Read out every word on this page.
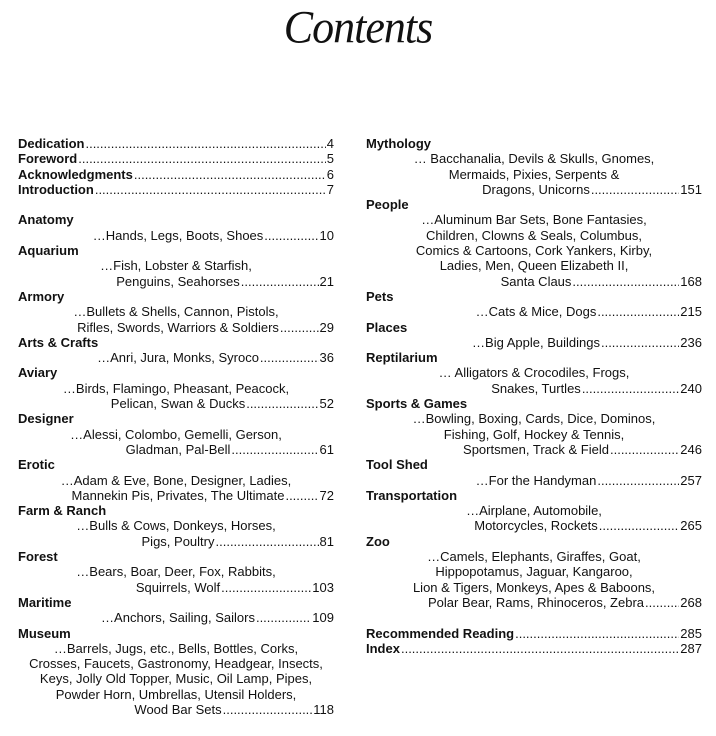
Contents
Dedication .....	4
Foreword .....	5
Acknowledgments .....	6
Introduction .....	7
Anatomy
…Hands, Legs, Boots, Shoes .....	10
Aquarium
…Fish, Lobster & Starfish,
Penguins, Seahorses .....	21
Armory
…Bullets & Shells, Cannon, Pistols,
Rifles, Swords, Warriors & Soldiers .....	29
Arts & Crafts
…Anri, Jura, Monks, Syroco .....	36
Aviary
…Birds, Flamingo, Pheasant, Peacock,
Pelican, Swan & Ducks .....	52
Designer
…Alessi, Colombo, Gemelli, Gerson,
Gladman, Pal-Bell .....	61
Erotic
…Adam & Eve, Bone, Designer, Ladies,
Mannekin Pis, Privates, The Ultimate .....	72
Farm & Ranch
…Bulls & Cows, Donkeys, Horses,
Pigs, Poultry .....	81
Forest
…Bears, Boar, Deer, Fox, Rabbits,
Squirrels, Wolf .....	103
Maritime
…Anchors, Sailing, Sailors .....	109
Museum
…Barrels, Jugs, etc., Bells, Bottles, Corks,
Crosses, Faucets, Gastronomy, Headgear, Insects,
Keys, Jolly Old Topper, Music, Oil Lamp, Pipes,
Powder Horn, Umbrellas, Utensil Holders,
Wood Bar Sets .....	118
Mythology
… Bacchanalia, Devils & Skulls, Gnomes,
Mermaids, Pixies, Serpents &
Dragons, Unicorns .....	151
People
…Aluminum Bar Sets, Bone Fantasies,
Children, Clowns & Seals, Columbus,
Comics & Cartoons, Cork Yankers, Kirby,
Ladies, Men, Queen Elizabeth II,
Santa Claus .....	168
Pets
…Cats & Mice, Dogs .....	215
Places
…Big Apple, Buildings .....	236
Reptilarium
… Alligators & Crocodiles, Frogs,
Snakes, Turtles .....	240
Sports & Games
…Bowling, Boxing, Cards, Dice, Dominos,
Fishing, Golf, Hockey & Tennis,
Sportsmen, Track & Field .....	246
Tool Shed
…For the Handyman .....	257
Transportation
…Airplane, Automobile,
Motorcycles, Rockets .....	265
Zoo
…Camels, Elephants, Giraffes, Goat,
Hippopotamus, Jaguar, Kangaroo,
Lion & Tigers, Monkeys, Apes & Baboons,
Polar Bear, Rams, Rhinoceros, Zebra .....	268
Recommended Reading .....	285
Index .....	287
